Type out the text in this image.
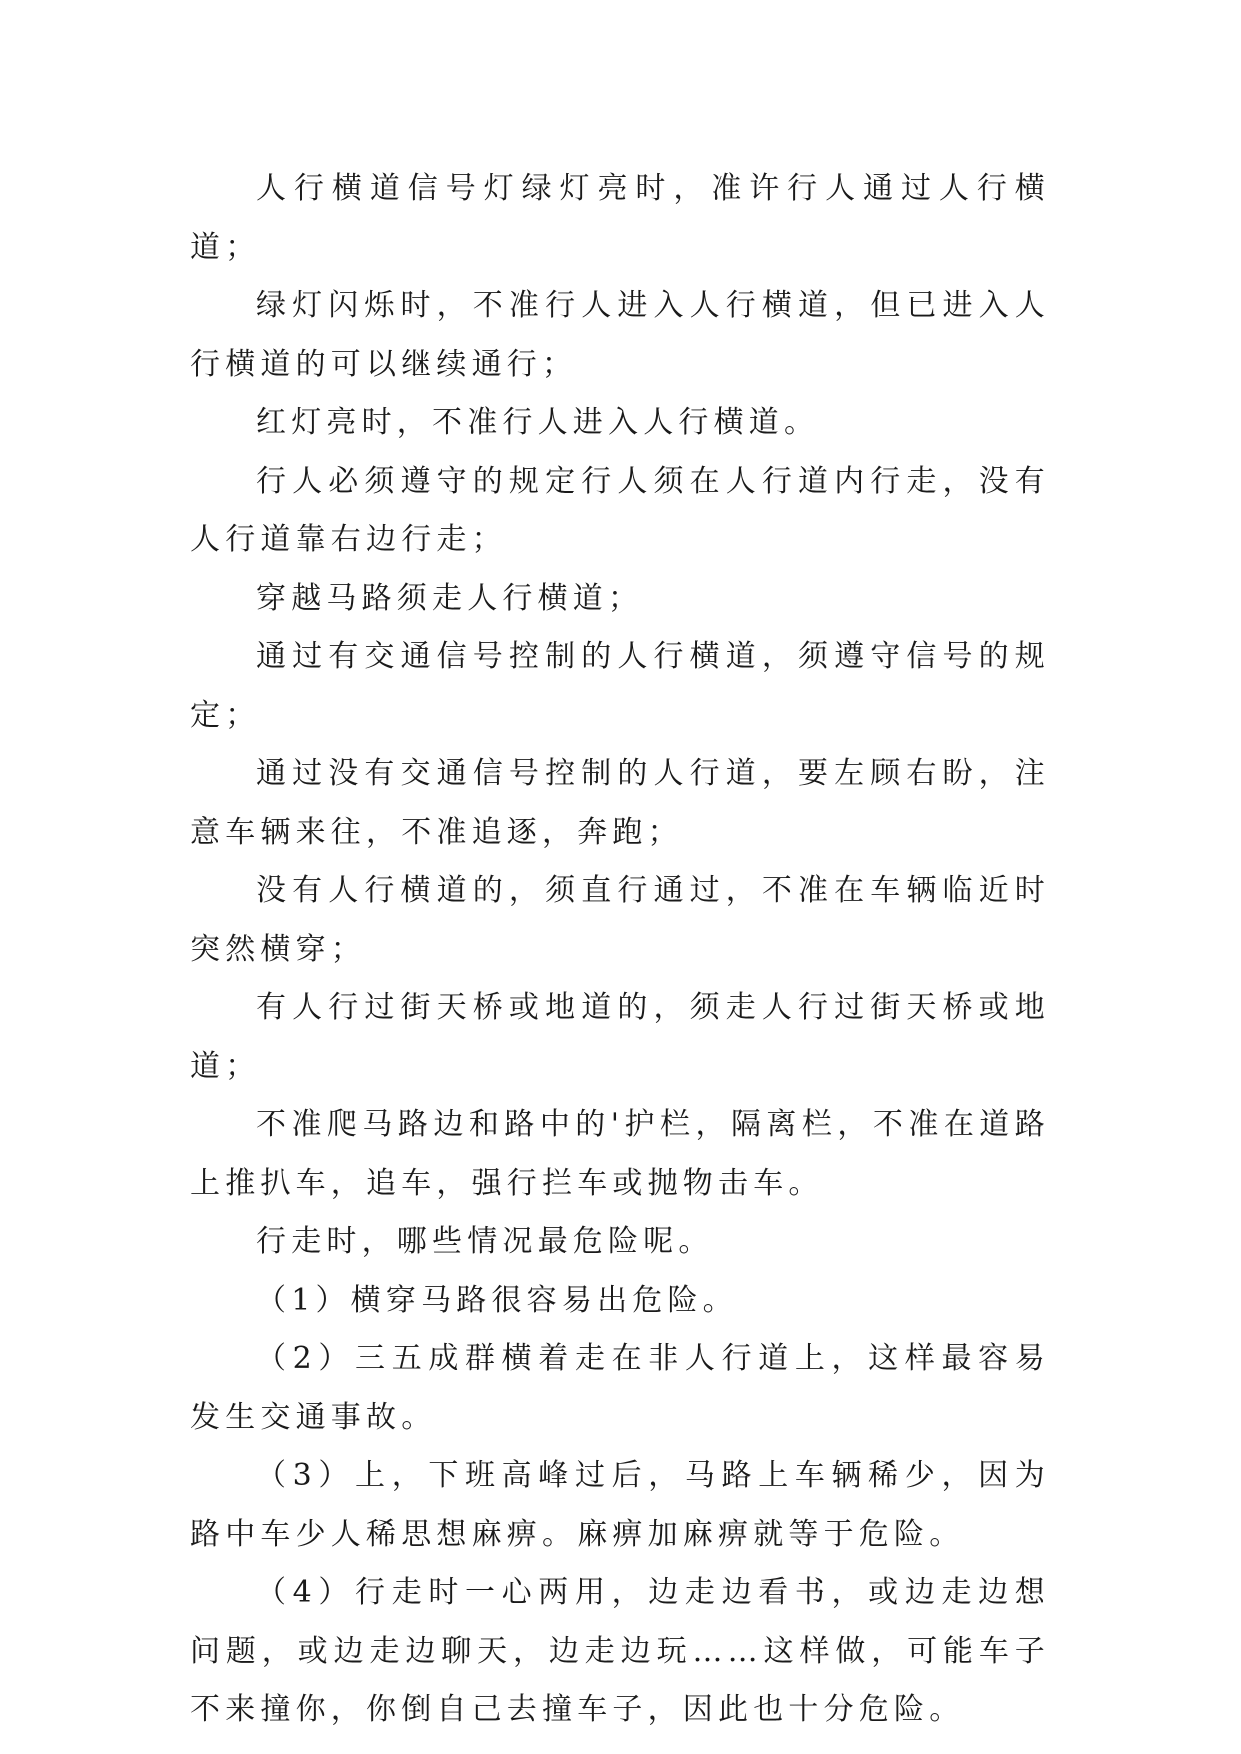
人行横道信号灯绿灯亮时，准许行人通过人行横道；

绿灯闪烁时，不准行人进入人行横道，但已进入人行横道的可以继续通行；

红灯亮时，不准行人进入人行横道。

行人必须遵守的规定行人须在人行道内行走，没有人行道靠右边行走；

穿越马路须走人行横道；

通过有交通信号控制的人行横道，须遵守信号的规定；

通过没有交通信号控制的人行道，要左顾右盼，注意车辆来往，不准追逐，奔跑；

没有人行横道的，须直行通过，不准在车辆临近时突然横穿；

有人行过街天桥或地道的，须走人行过街天桥或地道；

不准爬马路边和路中的'护栏，隔离栏，不准在道路上推扒车，追车，强行拦车或抛物击车。

行走时，哪些情况最危险呢。

（1）横穿马路很容易出危险。

（2）三五成群横着走在非人行道上，这样最容易发生交通事故。

（3）上，下班高峰过后，马路上车辆稀少，因为路中车少人稀思想麻痹。麻痹加麻痹就等于危险。

（4）行走时一心两用，边走边看书，或边走边想问题，或边走边聊天，边走边玩……这样做，可能车子不来撞你，你倒自己去撞车子，因此也十分危险。
